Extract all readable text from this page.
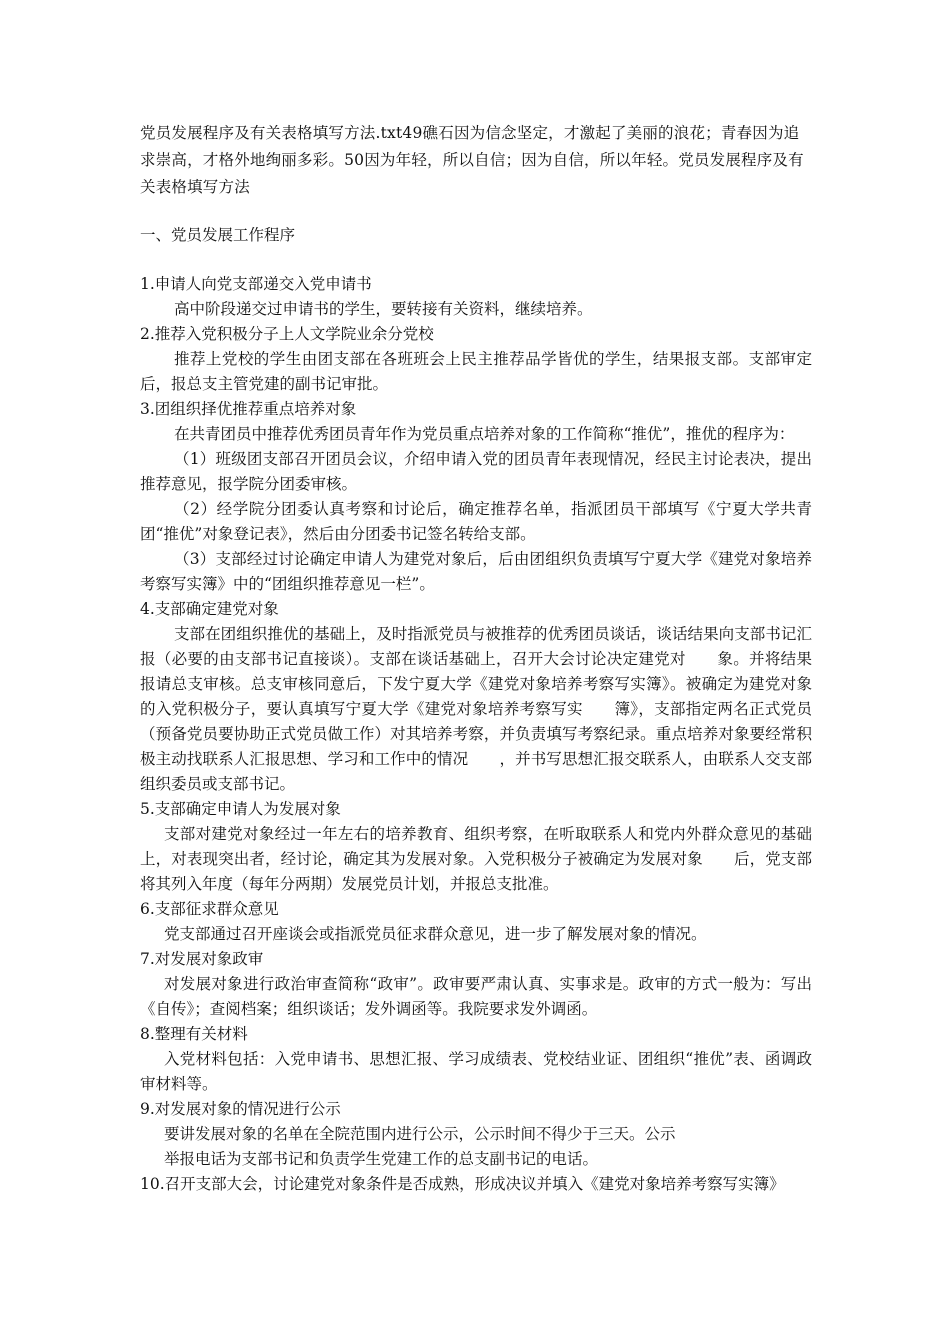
党员发展程序及有关表格填写方法.txt49礁石因为信念坚定，才激起了美丽的浪花；青春因为追求崇高，才格外地绚丽多彩。50因为年轻，所以自信；因为自信，所以年轻。党员发展程序及有关表格填写方法
一、党员发展工作程序

1.申请人向党支部递交入党申请书

高中阶段递交过申请书的学生，要转接有关资料，继续培养。

2.推荐入党积极分子上人文学院业余分党校

推荐上党校的学生由团支部在各班班会上民主推荐品学皆优的学生，结果报支部。支部审定后，报总支主管党建的副书记审批。

3.团组织择优推荐重点培养对象

在共青团员中推荐优秀团员青年作为党员重点培养对象的工作简称“推优”，推优的程序为：

（1）班级团支部召开团员会议，介绍申请入党的团员青年表现情况，经民主讨论表决，提出推荐意见，报学院分团委审核。

（2）经学院分团委认真考察和讨论后，确定推荐名单，指派团员干部填写《宁夏大学共青团“推优”对象登记表》，然后由分团委书记签名转给支部。

（3）支部经过讨论确定申请人为建党对象后，后由团组织负责填写宁夏大学《建党对象培养考察写实簿》中的“团组织推荐意见一栏”。

4.支部确定建党对象

支部在团组织推优的基础上，及时指派党员与被推荐的优秀团员谈话，谈话结果向支部书记汇报（必要的由支部书记直接谈）。支部在谈话基础上，召开大会讨论决定建党对　　象。并将结果报请总支审核。总支审核同意后，下发宁夏大学《建党对象培养考察写实簿》。被确定为建党对象的入党积极分子，要认真填写宁夏大学《建党对象培养考察写实　　簿》，支部指定两名正式党员（预备党员要协助正式党员做工作）对其培养考察，并负责填写考察纪录。重点培养对象要经常积极主动找联系人汇报思想、学习和工作中的情况　　，并书写思想汇报交联系人，由联系人交支部组织委员或支部书记。

5.支部确定申请人为发展对象

支部对建党对象经过一年左右的培养教育、组织考察，在听取联系人和党内外群众意见的基础上，对表现突出者，经讨论，确定其为发展对象。入党积极分子被确定为发展对象　　后，党支部将其列入年度（每年分两期）发展党员计划，并报总支批准。

6.支部征求群众意见

党支部通过召开座谈会或指派党员征求群众意见，进一步了解发展对象的情况。

7.对发展对象政审

对发展对象进行政治审查简称“政审”。政审要严肃认真、实事求是。政审的方式一般为：写出《自传》；查阅档案；组织谈话；发外调函等。我院要求发外调函。

8.整理有关材料

入党材料包括：入党申请书、思想汇报、学习成绩表、党校结业证、团组织“推优”表、函调政审材料等。

9.对发展对象的情况进行公示

要讲发展对象的名单在全院范围内进行公示，公示时间不得少于三天。公示

举报电话为支部书记和负责学生党建工作的总支副书记的电话。

10.召开支部大会，讨论建党对象条件是否成熟，形成决议并填入《建党对象培养考察写实簿》
